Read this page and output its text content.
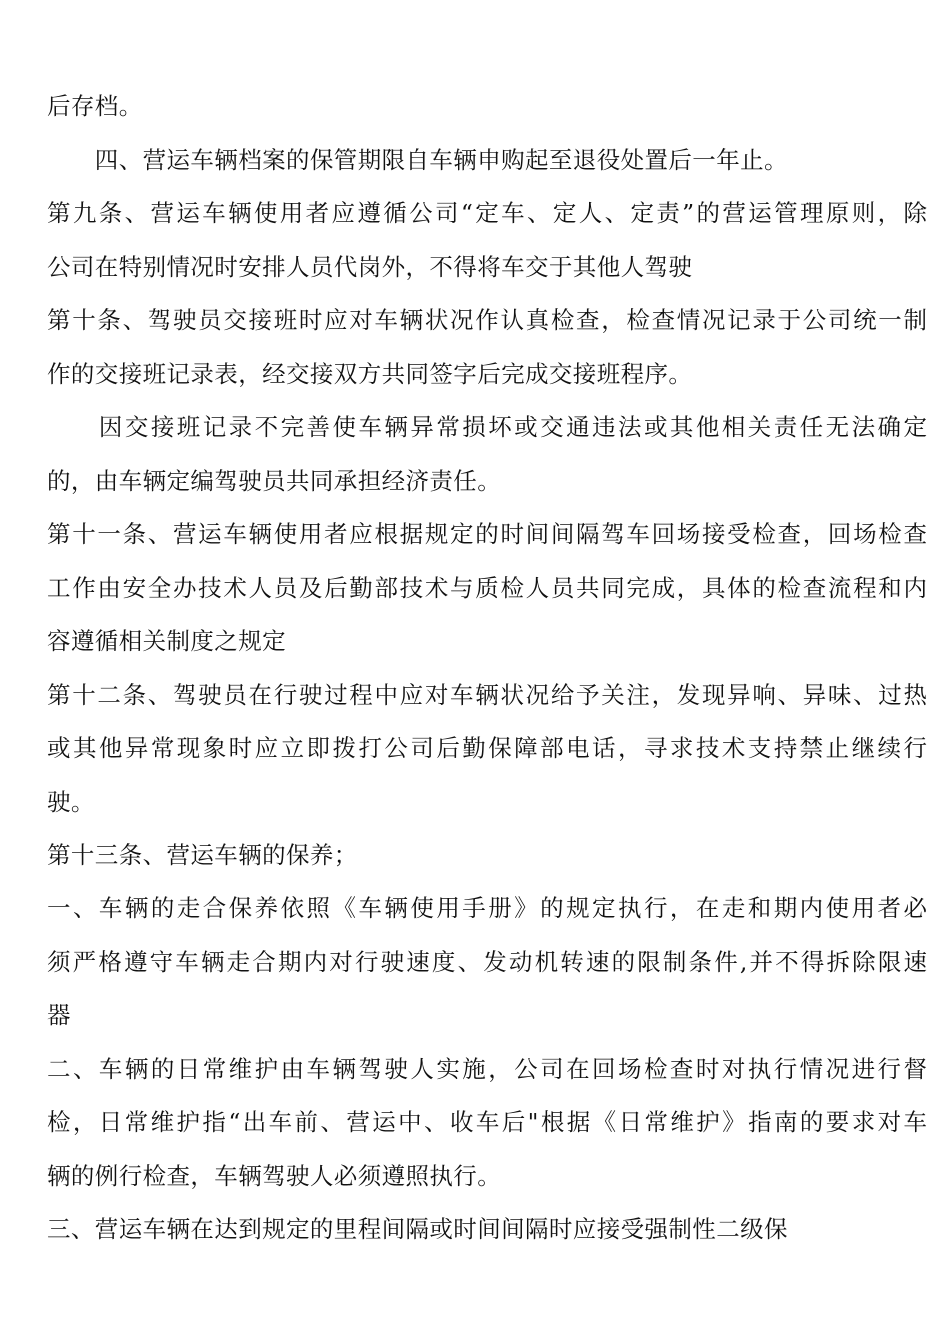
后存档。
　　四、营运车辆档案的保管期限自车辆申购起至退役处置后一年止。
第九条、营运车辆使用者应遵循公司“定车、定人、定责”的营运管理原则，除
公司在特别情况时安排人员代岗外，不得将车交于其他人驾驶
第十条、驾驶员交接班时应对车辆状况作认真检查，检查情况记录于公司统一制
作的交接班记录表，经交接双方共同签字后完成交接班程序。
　　因交接班记录不完善使车辆异常损坏或交通违法或其他相关责任无法确定
的，由车辆定编驾驶员共同承担经济责任。
第十一条、营运车辆使用者应根据规定的时间间隔驾车回场接受检查，回场检查
工作由安全办技术人员及后勤部技术与质检人员共同完成，具体的检查流程和内
容遵循相关制度之规定
第十二条、驾驶员在行驶过程中应对车辆状况给予关注，发现异响、异味、过热
或其他异常现象时应立即拨打公司后勤保障部电话，寻求技术支持禁止继续行
驶。
第十三条、营运车辆的保养；
一、车辆的走合保养依照《车辆使用手册》的规定执行，在走和期内使用者必
须严格遵守车辆走合期内对行驶速度、发动机转速的限制条件,并不得拆除限速
器
二、车辆的日常维护由车辆驾驶人实施，公司在回场检查时对执行情况进行督
检，日常维护指“出车前、营运中、收车后"根据《日常维护》指南的要求对车
辆的例行检查，车辆驾驶人必须遵照执行。
三、营运车辆在达到规定的里程间隔或时间间隔时应接受强制性二级保
